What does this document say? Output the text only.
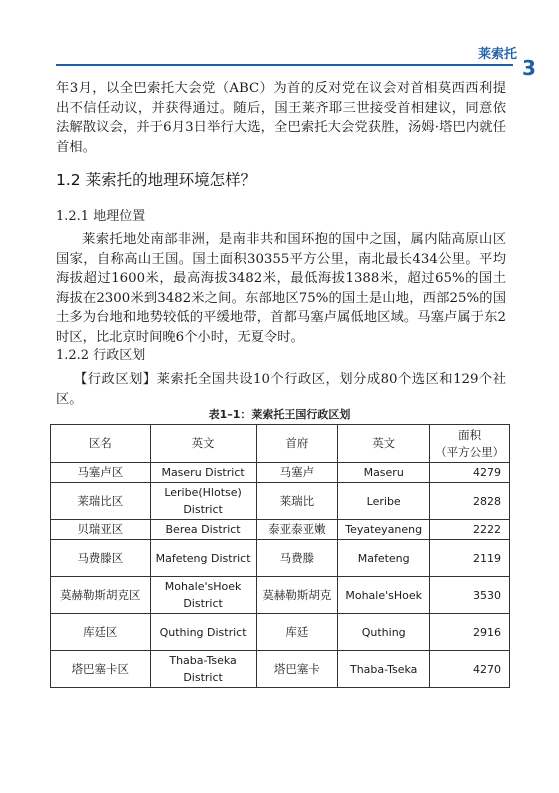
莱索托
3

年3月，以全巴索托大会党（ABC）为首的反对党在议会对首相莫西西利提出不信任动议，并获得通过。随后，国王莱齐耶三世接受首相建议，同意依法解散议会，并于6月3日举行大选，全巴索托大会党获胜，汤姆·塔巴内就任首相。

1.2 莱索托的地理环境怎样？
1.2.1 地理位置

莱索托地处南部非洲，是南非共和国环抱的国中之国，属内陆高原山区国家，自称高山王国。国土面积30355平方公里，南北最长434公里。平均海拔超过1600米，最高海拔3482米，最低海拔1388米，超过65%的国土海拔在2300米到3482米之间。东部地区75%的国土是山地，西部25%的国土多为台地和地势较低的平缓地带，首都马塞卢属低地区域。马塞卢属于东2时区，比北京时间晚6个小时，无夏令时。

1.2.2 行政区划

【行政区划】莱索托全国共设10个行政区，划分成80个选区和129个社区。

表1–1：莱索托王国行政区划
区名	英文	首府	英文	面积
（平方公里）
马塞卢区	Maseru District	马塞卢	Maseru	4279
莱瑞比区	Leribe(Hlotse) District	莱瑞比	Leribe	2828
贝瑞亚区	Berea District	泰亚泰亚嫩	Teyateyaneng	2222
马费滕区	Mafeteng District	马费滕	Mafeteng	2119
莫赫勒斯胡克区	Mohale'sHoek District	莫赫勒斯胡克	Mohale'sHoek	3530
库廷区	Quthing District	库廷	Quthing	2916
塔巴塞卡区	Thaba-Tseka District	塔巴塞卡	Thaba-Tseka	4270
